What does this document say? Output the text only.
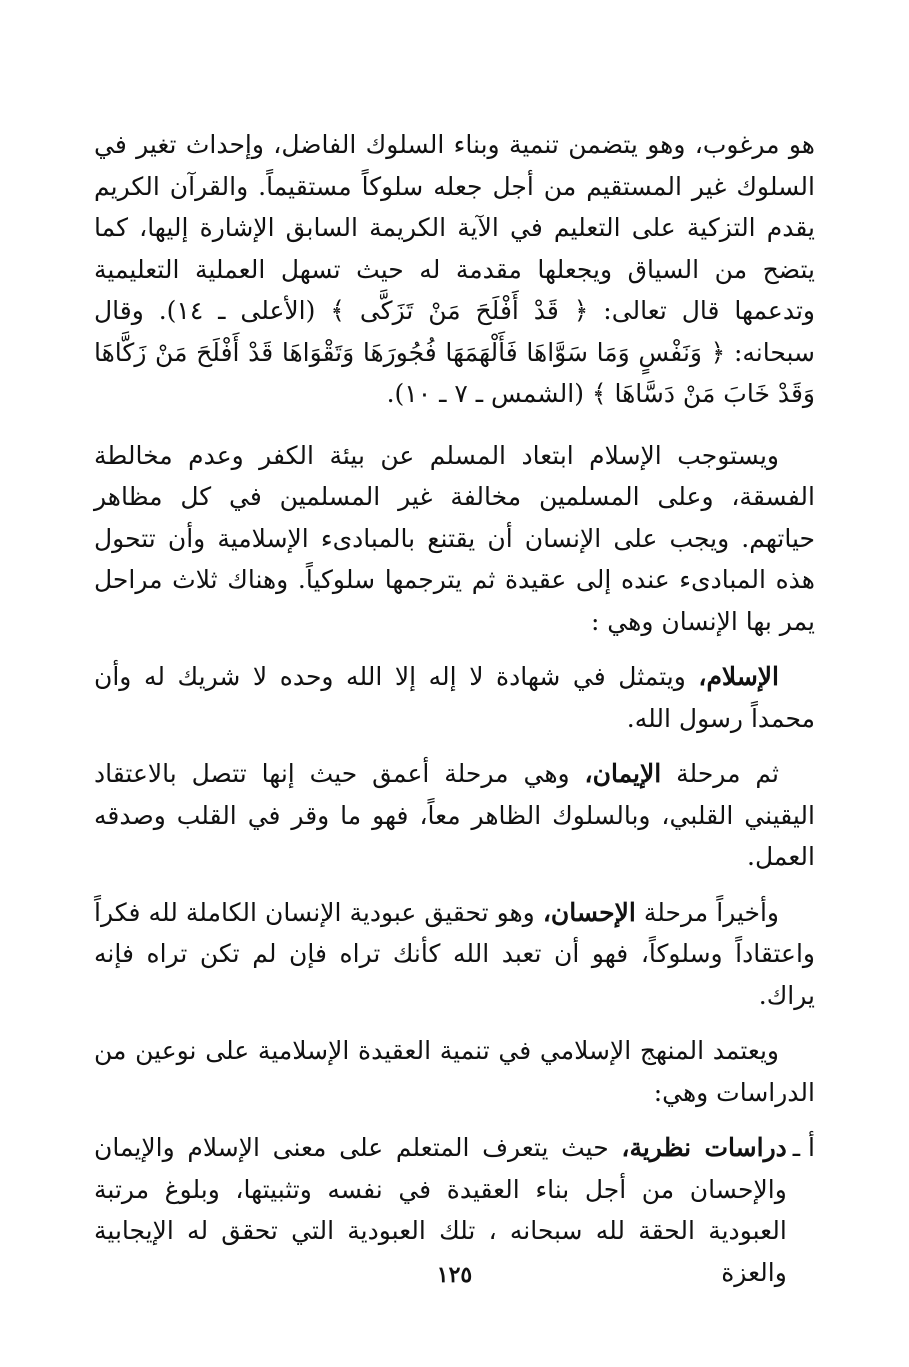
هو مرغوب، وهو يتضمن تنمية وبناء السلوك الفاضل، وإحداث تغير في السلوك غير المستقيم من أجل جعله سلوكاً مستقيماً. والقرآن الكريم يقدم التزكية على التعليم في الآية الكريمة السابق الإشارة إليها، كما يتضح من السياق ويجعلها مقدمة له حيث تسهل العملية التعليمية وتدعمها قال تعالى: ﴿ قَدْ أَفْلَحَ مَنْ تَزَكَّى ﴾ (الأعلى ـ ١٤). وقال سبحانه: ﴿ وَنَفْسٍ وَمَا سَوَّاهَا فَأَلْهَمَهَا فُجُورَهَا وَتَقْوَاهَا قَدْ أَفْلَحَ مَنْ زَكَّاهَا وَقَدْ خَابَ مَنْ دَسَّاهَا ﴾ (الشمس ـ ٧ ـ ١٠).

ويستوجب الإسلام ابتعاد المسلم عن بيئة الكفر وعدم مخالطة الفسقة، وعلى المسلمين مخالفة غير المسلمين في كل مظاهر حياتهم. ويجب على الإنسان أن يقتنع بالمبادىء الإسلامية وأن تتحول هذه المبادىء عنده إلى عقيدة ثم يترجمها سلوكياً. وهناك ثلاث مراحل يمر بها الإنسان وهي :

الإسلام، ويتمثل في شهادة لا إله إلا الله وحده لا شريك له وأن محمداً رسول الله.

ثم مرحلة الإيمان، وهي مرحلة أعمق حيث إنها تتصل بالاعتقاد اليقيني القلبي، وبالسلوك الظاهر معاً، فهو ما وقر في القلب وصدقه العمل.

وأخيراً مرحلة الإحسان، وهو تحقيق عبودية الإنسان الكاملة لله فكراً واعتقاداً وسلوكاً، فهو أن تعبد الله كأنك تراه فإن لم تكن تراه فإنه يراك.

ويعتمد المنهج الإسلامي في تنمية العقيدة الإسلامية على نوعين من الدراسات وهي:

أ ـ
دراسات نظرية، حيث يتعرف المتعلم على معنى الإسلام والإيمان والإحسان من أجل بناء العقيدة في نفسه وتثبيتها، وبلوغ مرتبة العبودية الحقة لله سبحانه ، تلك العبودية التي تحقق له الإيجابية والعزة
١٢٥
